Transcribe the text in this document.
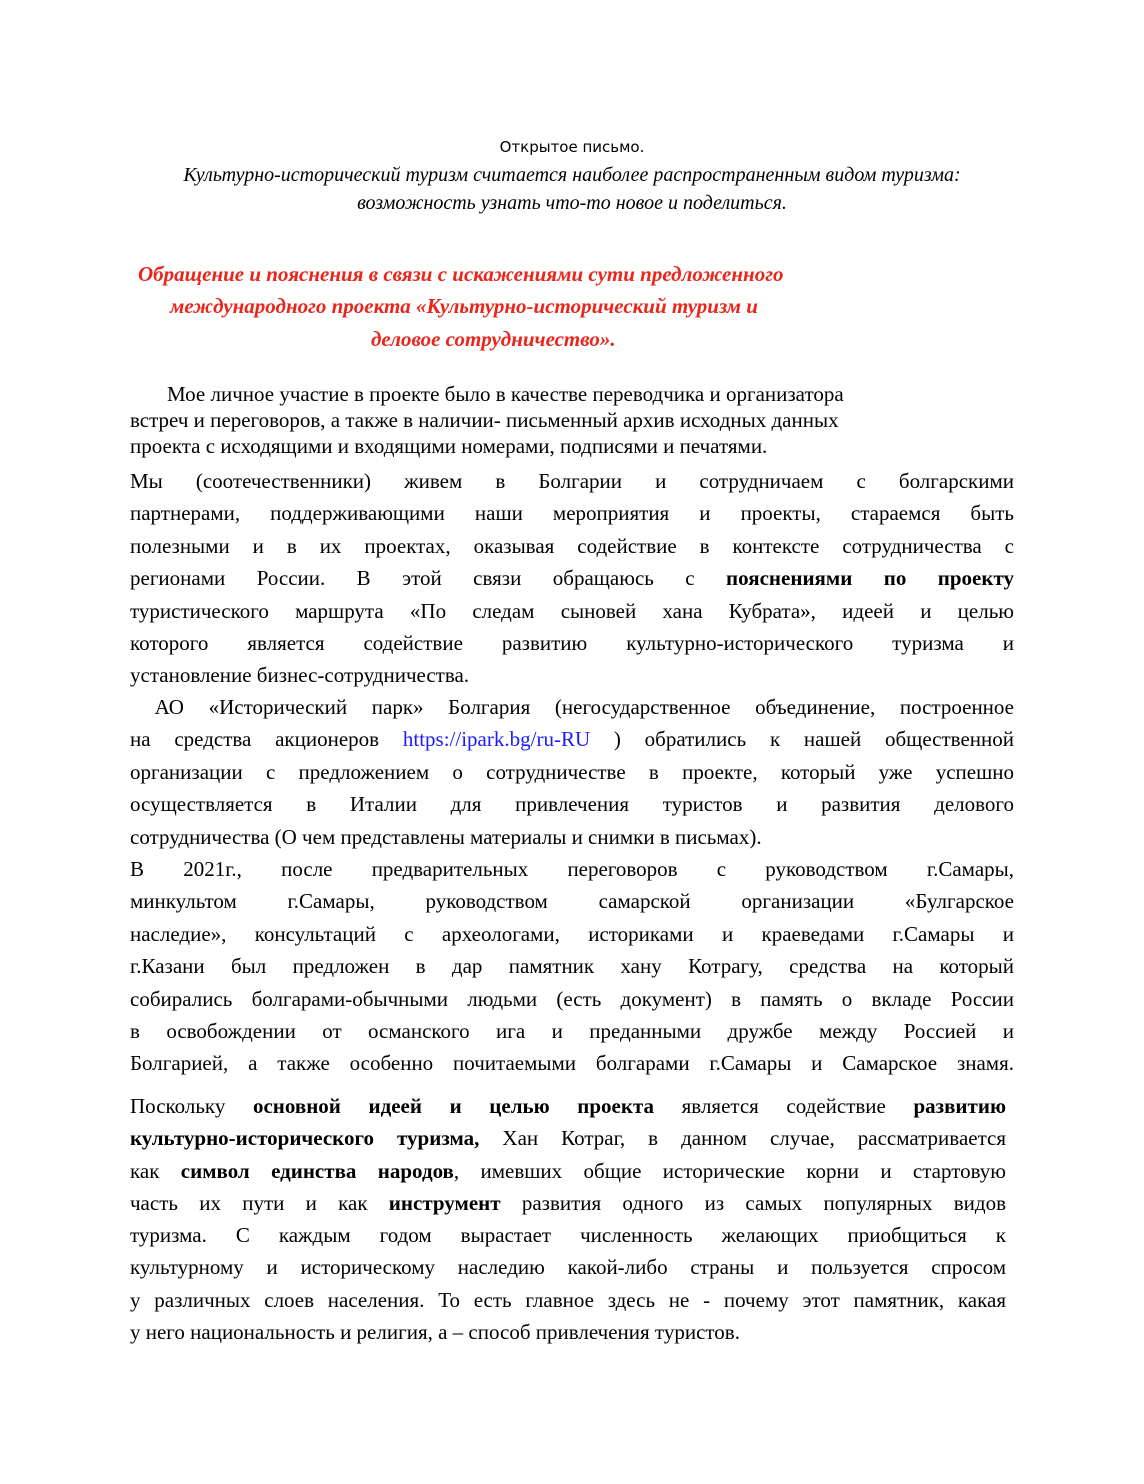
Открытое письмо.
Культурно-исторический туризм считается наиболее распространенным видом туризма:
возможность узнать что-то новое и поделиться.
Обращение и пояснения в связи с искажениями сути предложенного
международного проекта «Культурно-исторический туризм и
деловое сотрудничество».
Мое личное участие в проекте было в качестве переводчика и организатора
встреч и переговоров, а также в наличии- письменный архив исходных данных
проекта с исходящими и входящими номерами, подписями и печатями.
Мы (соотечественники) живем в Болгарии и сотрудничаем с болгарскими
партнерами, поддерживающими наши мероприятия и проекты, стараемся быть
полезными и в их проектах, оказывая содействие в контексте сотрудничества с
регионами России. В этой связи обращаюсь с пояснениями по проекту
туристического маршрута «По следам сыновей хана Кубрата», идеей и целью
которого является содействие развитию культурно-исторического туризма и
установление бизнес-сотрудничества.
АО «Исторический парк» Болгария (негосударственное объединение, построенное
на средства акционеров https://ipark.bg/ru-RU ) обратились к нашей общественной
организации с предложением о сотрудничестве в проекте, который уже успешно
осуществляется в Италии для привлечения туристов и развития делового
сотрудничества (О чем представлены материалы и снимки в письмах).
В 2021г., после предварительных переговоров с руководством г.Самары,
минкультом г.Самары, руководством самарской организации «Булгарское
наследие», консультаций с археологами, историками и краеведами г.Самары и
г.Казани был предложен в дар памятник хану Котрагу, средства на который
собирались болгарами-обычными людьми (есть документ) в память о вкладе России
в освобождении от османского ига и преданными дружбе между Россией и
Болгарией, а также особенно почитаемыми болгарами г.Самары и Самарское знамя.
Поскольку основной идеей и целью проекта является содействие развитию
культурно-исторического туризма, Хан Котраг, в данном случае, рассматривается
как символ единства народов, имевших общие исторические корни и стартовую
часть их пути и как инструмент развития одного из самых популярных видов
туризма. С каждым годом вырастает численность желающих приобщиться к
культурному и историческому наследию какой-либо страны и пользуется спросом
у различных слоев населения. То есть главное здесь не - почему этот памятник, какая
у него национальность и религия, а – способ привлечения туристов.
